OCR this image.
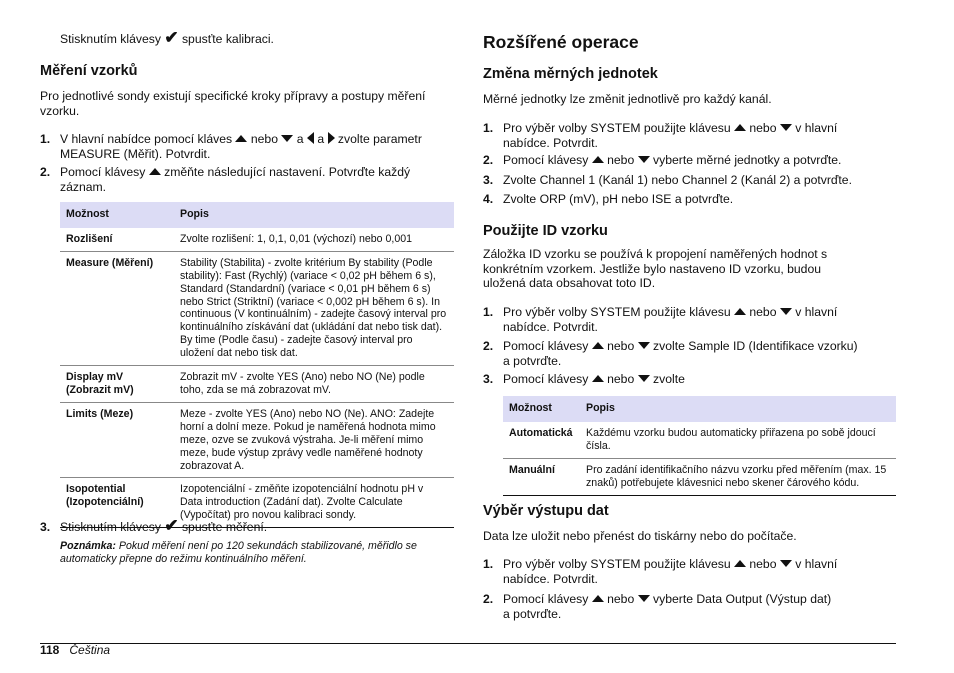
Stisknutím klávesy ✔ spusťte kalibraci.

Měření vzorků

Pro jednotlivé sondy existují specifické kroky přípravy a postupy měření vzorku.

1. V hlavní nabídce pomocí kláves nebo a a zvolte parametr
MEASURE (Měřit). Potvrdit.
2. Pomocí klávesy změňte následující nastavení. Potvrďte každý
záznam.
Možnost	Popis
Rozlišení	Zvolte rozlišení: 1, 0,1, 0,01 (výchozí) nebo 0,001
Measure (Měření)	Stability (Stabilita) - zvolte kritérium By stability (Podle stability): Fast (Rychlý) (variace < 0,02 pH během 6 s), Standard (Standardní) (variace < 0,01 pH během 6 s) nebo Strict (Striktní) (variace < 0,002 pH během 6 s). In continuous (V kontinuálním) - zadejte časový interval pro kontinuálního získávání dat (ukládání dat nebo tisk dat). By time (Podle času) - zadejte časový interval pro uložení dat nebo tisk dat.
Display mV (Zobrazit mV)	Zobrazit mV - zvolte YES (Ano) nebo NO (Ne) podle toho, zda se má zobrazovat mV.
Limits (Meze)	Meze - zvolte YES (Ano) nebo NO (Ne). ANO: Zadejte horní a dolní meze. Pokud je naměřená hodnota mimo meze, ozve se zvuková výstraha. Je-li měření mimo meze, bude výstup zprávy vedle naměřené hodnoty zobrazovat A.
Isopotential (Izopotenciální)	Izopotenciální - změňte izopotenciální hodnotu pH v Data introduction (Zadání dat). Zvolte Calculate (Vypočítat) pro novou kalibraci sondy.
3. Stisknutím klávesy ✔ spusťte měření.
Poznámka: Pokud měření není po 120 sekundách stabilizované, měřidlo se automaticky přepne do režimu kontinuálního měření.
Rozšířené operace
Změna měrných jednotek

Měrné jednotky lze změnit jednotlivě pro každý kanál.

1. Pro výběr volby SYSTEM použijte klávesu nebo v hlavní
nabídce. Potvrdit.
2. Pomocí klávesy nebo vyberte měrné jednotky a potvrďte.
3. Zvolte Channel 1 (Kanál 1) nebo Channel 2 (Kanál 2) a potvrďte.
4. Zvolte ORP (mV), pH nebo ISE a potvrďte.
Použijte ID vzorku

Záložka ID vzorku se používá k propojení naměřených hodnot s konkrétním vzorkem. Jestliže bylo nastaveno ID vzorku, budou uložená data obsahovat toto ID.

1. Pro výběr volby SYSTEM použijte klávesu nebo v hlavní
nabídce. Potvrdit.
2. Pomocí klávesy nebo zvolte Sample ID (Identifikace vzorku)
a potvrďte.
3. Pomocí klávesy nebo zvolte
Možnost	Popis
Automatická	Každému vzorku budou automaticky přiřazena po sobě jdoucí čísla.
Manuální	Pro zadání identifikačního názvu vzorku před měřením (max. 15 znaků) potřebujete klávesnici nebo skener čárového kódu.
Výběr výstupu dat

Data lze uložit nebo přenést do tiskárny nebo do počítače.

1. Pro výběr volby SYSTEM použijte klávesu nebo v hlavní
nabídce. Potvrdit.
2. Pomocí klávesy nebo vyberte Data Output (Výstup dat)
a potvrďte.
118 Čeština
